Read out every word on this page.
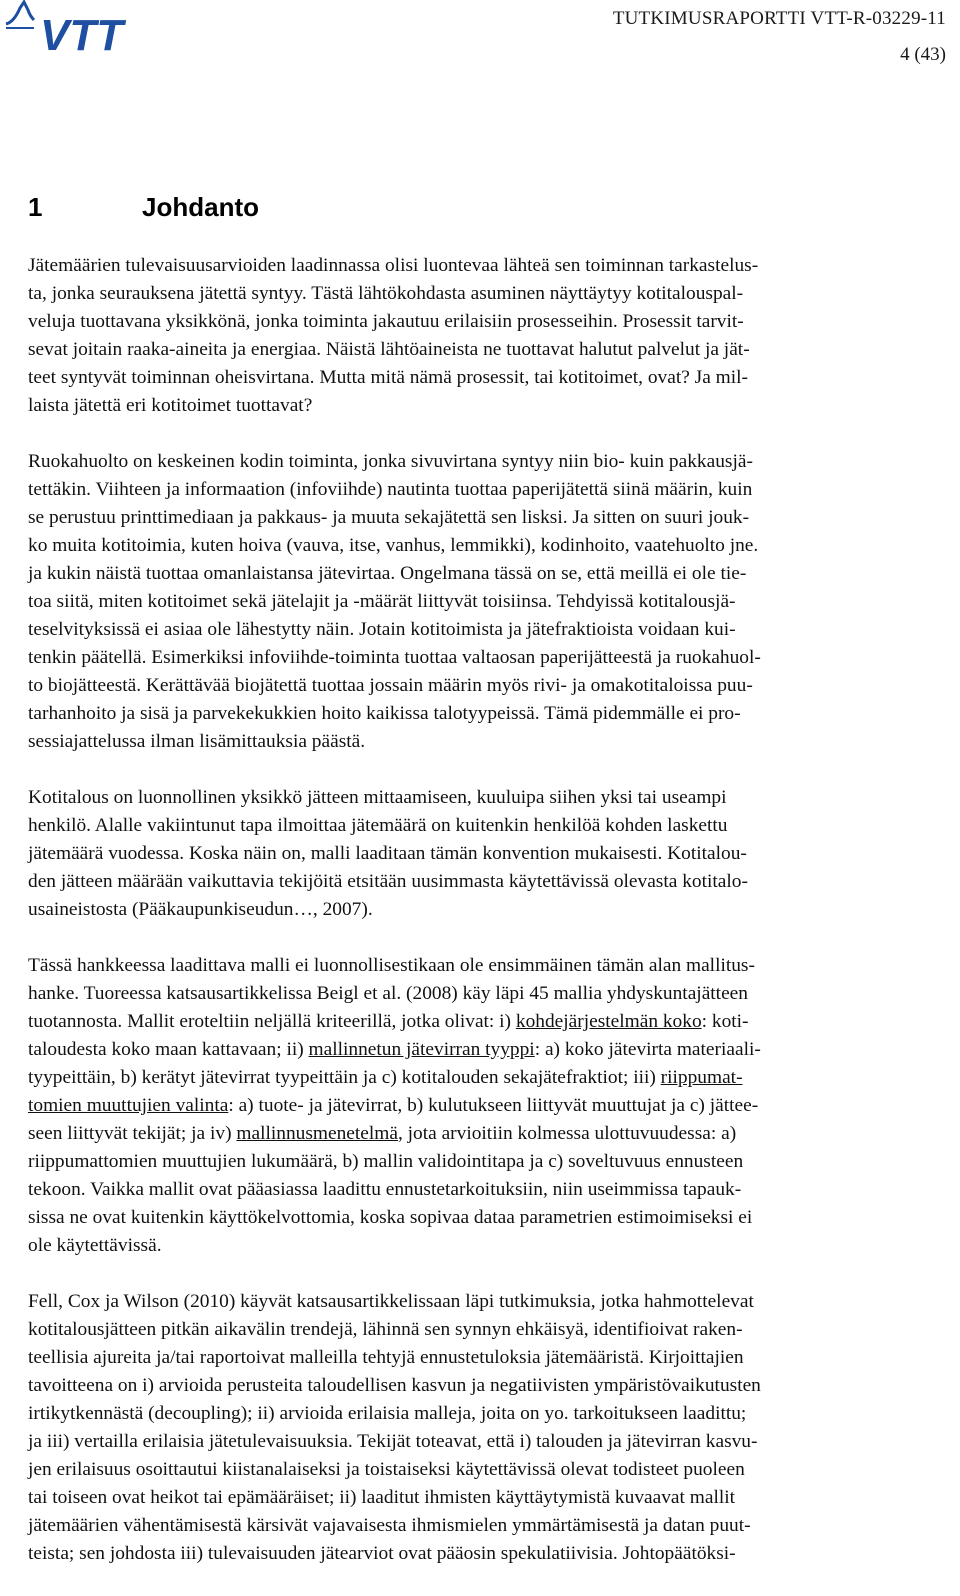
VTT	TUTKIMUSRAPORTTI VTT-R-03229-11
4 (43)
1	Johdanto
Jätemäärien tulevaisuusarvioiden laadinnassa olisi luontevaa lähteä sen toiminnan tarkastelus-
ta, jonka seurauksena jätettä syntyy. Tästä lähtökohdasta asuminen näyttäytyy kotitalouspal-
veluja tuottavana yksikkönä, jonka toiminta jakautuu erilaisiin prosesseihin. Prosessit tarvit-
sevat joitain raaka-aineita ja energiaa. Näistä lähtöaineista ne tuottavat halutut palvelut ja jät-
teet syntyvät toiminnan oheisvirtana. Mutta mitä nämä prosessit, tai kotitoimet, ovat? Ja mil-
laista jätettä eri kotitoimet tuottavat?
Ruokahuolto on keskeinen kodin toiminta, jonka sivuvirtana syntyy niin bio- kuin pakkausjä-
tettäkin. Viihteen ja informaation (infoviihde) nautinta tuottaa paperijätettä siinä määrin, kuin
se perustuu printtimediaan ja pakkaus- ja muuta sekajätettä sen lisksi. Ja sitten on suuri jouk-
ko muita kotitoimia, kuten hoiva (vauva, itse, vanhus, lemmikki), kodinhoito, vaatehuolto jne.
ja kukin näistä tuottaa omanlaistansa jätevirtaa. Ongelmana tässä on se, että meillä ei ole tie-
toa siitä, miten kotitoimet sekä jätelajit ja -määrät liittyvät toisiinsa. Tehdyissä kotitalousjä-
teselvityksissä ei asiaa ole lähestytty näin. Jotain kotitoimista ja jätefraktioista voidaan kui-
tenkin päätellä. Esimerkiksi infoviihde-toiminta tuottaa valtaosan paperijätteestä ja ruokahuol-
to biojätteestä. Kerättävää biojätettä tuottaa jossain määrin myös rivi- ja omakotitaloissa puu-
tarhanhoito ja sisä ja parvekekukkien hoito kaikissa talotyypeissä. Tämä pidemmälle ei pro-
sessiajattelussa ilman lisämittauksia päästä.
Kotitalous on luonnollinen yksikkö jätteen mittaamiseen, kuuluipa siihen yksi tai useampi
henkilö. Alalle vakiintunut tapa ilmoittaa jätemäärä on kuitenkin henkilöä kohden laskettu
jätemäärä vuodessa. Koska näin on, malli laaditaan tämän konvention mukaisesti. Kotitalou-
den jätteen määrään vaikuttavia tekijöitä etsitään uusimmasta käytettävissä olevasta kotitalo-
usaineistosta (Pääkaupunkiseudun…, 2007).
Tässä hankkeessa laadittava malli ei luonnollisestikaan ole ensimmäinen tämän alan mallitus-
hanke. Tuoreessa katsausartikkelissa Beigl et al. (2008) käy läpi 45 mallia yhdyskuntajätteen
tuotannosta. Mallit eroteltiin neljällä kriteerillä, jotka olivat: i) kohdejärjestelmän koko: koti-
taloudesta koko maan kattavaan; ii) mallinnetun jätevirran tyyppi: a) koko jätevirta materiaali-
tyypeittäin, b) kerätyt jätevirrat tyypeittäin ja c) kotitalouden sekajätefraktiot; iii) riippumat-
tomien muuttujien valinta: a) tuote- ja jätevirrat, b) kulutukseen liittyvät muuttujat ja c) jättee-
seen liittyvät tekijät; ja iv) mallinnusmenetelmä, jota arvioitiin kolmessa ulottuvuudessa: a)
riippumattomien muuttujien lukumäärä, b) mallin validointitapa ja c) soveltuvuus ennusteen
tekoon. Vaikka mallit ovat pääasiassa laadittu ennustetarkoituksiin, niin useimmissa tapauk-
sissa ne ovat kuitenkin käyttökelvottomia, koska sopivaa dataa parametrien estimoimiseksi ei
ole käytettävissä.
Fell, Cox ja Wilson (2010) käyvät katsausartikkelissaan läpi tutkimuksia, jotka hahmottelevat
kotitalousjätteen pitkän aikavälin trendejä, lähinnä sen synnyn ehkäisyä, identifioivat raken-
teellisia ajureita ja/tai raportoivat malleilla tehtyjä ennustetuloksia jätemääristä. Kirjoittajien
tavoitteena on i) arvioida perusteita taloudellisen kasvun ja negatiivisten ympäristövaikutusten
irtikytkennästä (decoupling); ii) arvioida erilaisia malleja, joita on yo. tarkoitukseen laadittu;
ja iii) vertailla erilaisia jätetulevaisuuksia. Tekijät toteavat, että i) talouden ja jätevirran kasvu-
jen erilaisuus osoittautui kiistanalaiseksi ja toistaiseksi käytettävissä olevat todisteet puoleen
tai toiseen ovat heikot tai epämääräiset; ii) laaditut ihmisten käyttäytymistä kuvaavat mallit
jätemäärien vähentämisestä kärsivät vajavaisesta ihmismielen ymmärtämisestä ja datan puut-
teista; sen johdosta iii) tulevaisuuden jätearviot ovat pääosin spekulatiivisia. Johtopäätöksi-
